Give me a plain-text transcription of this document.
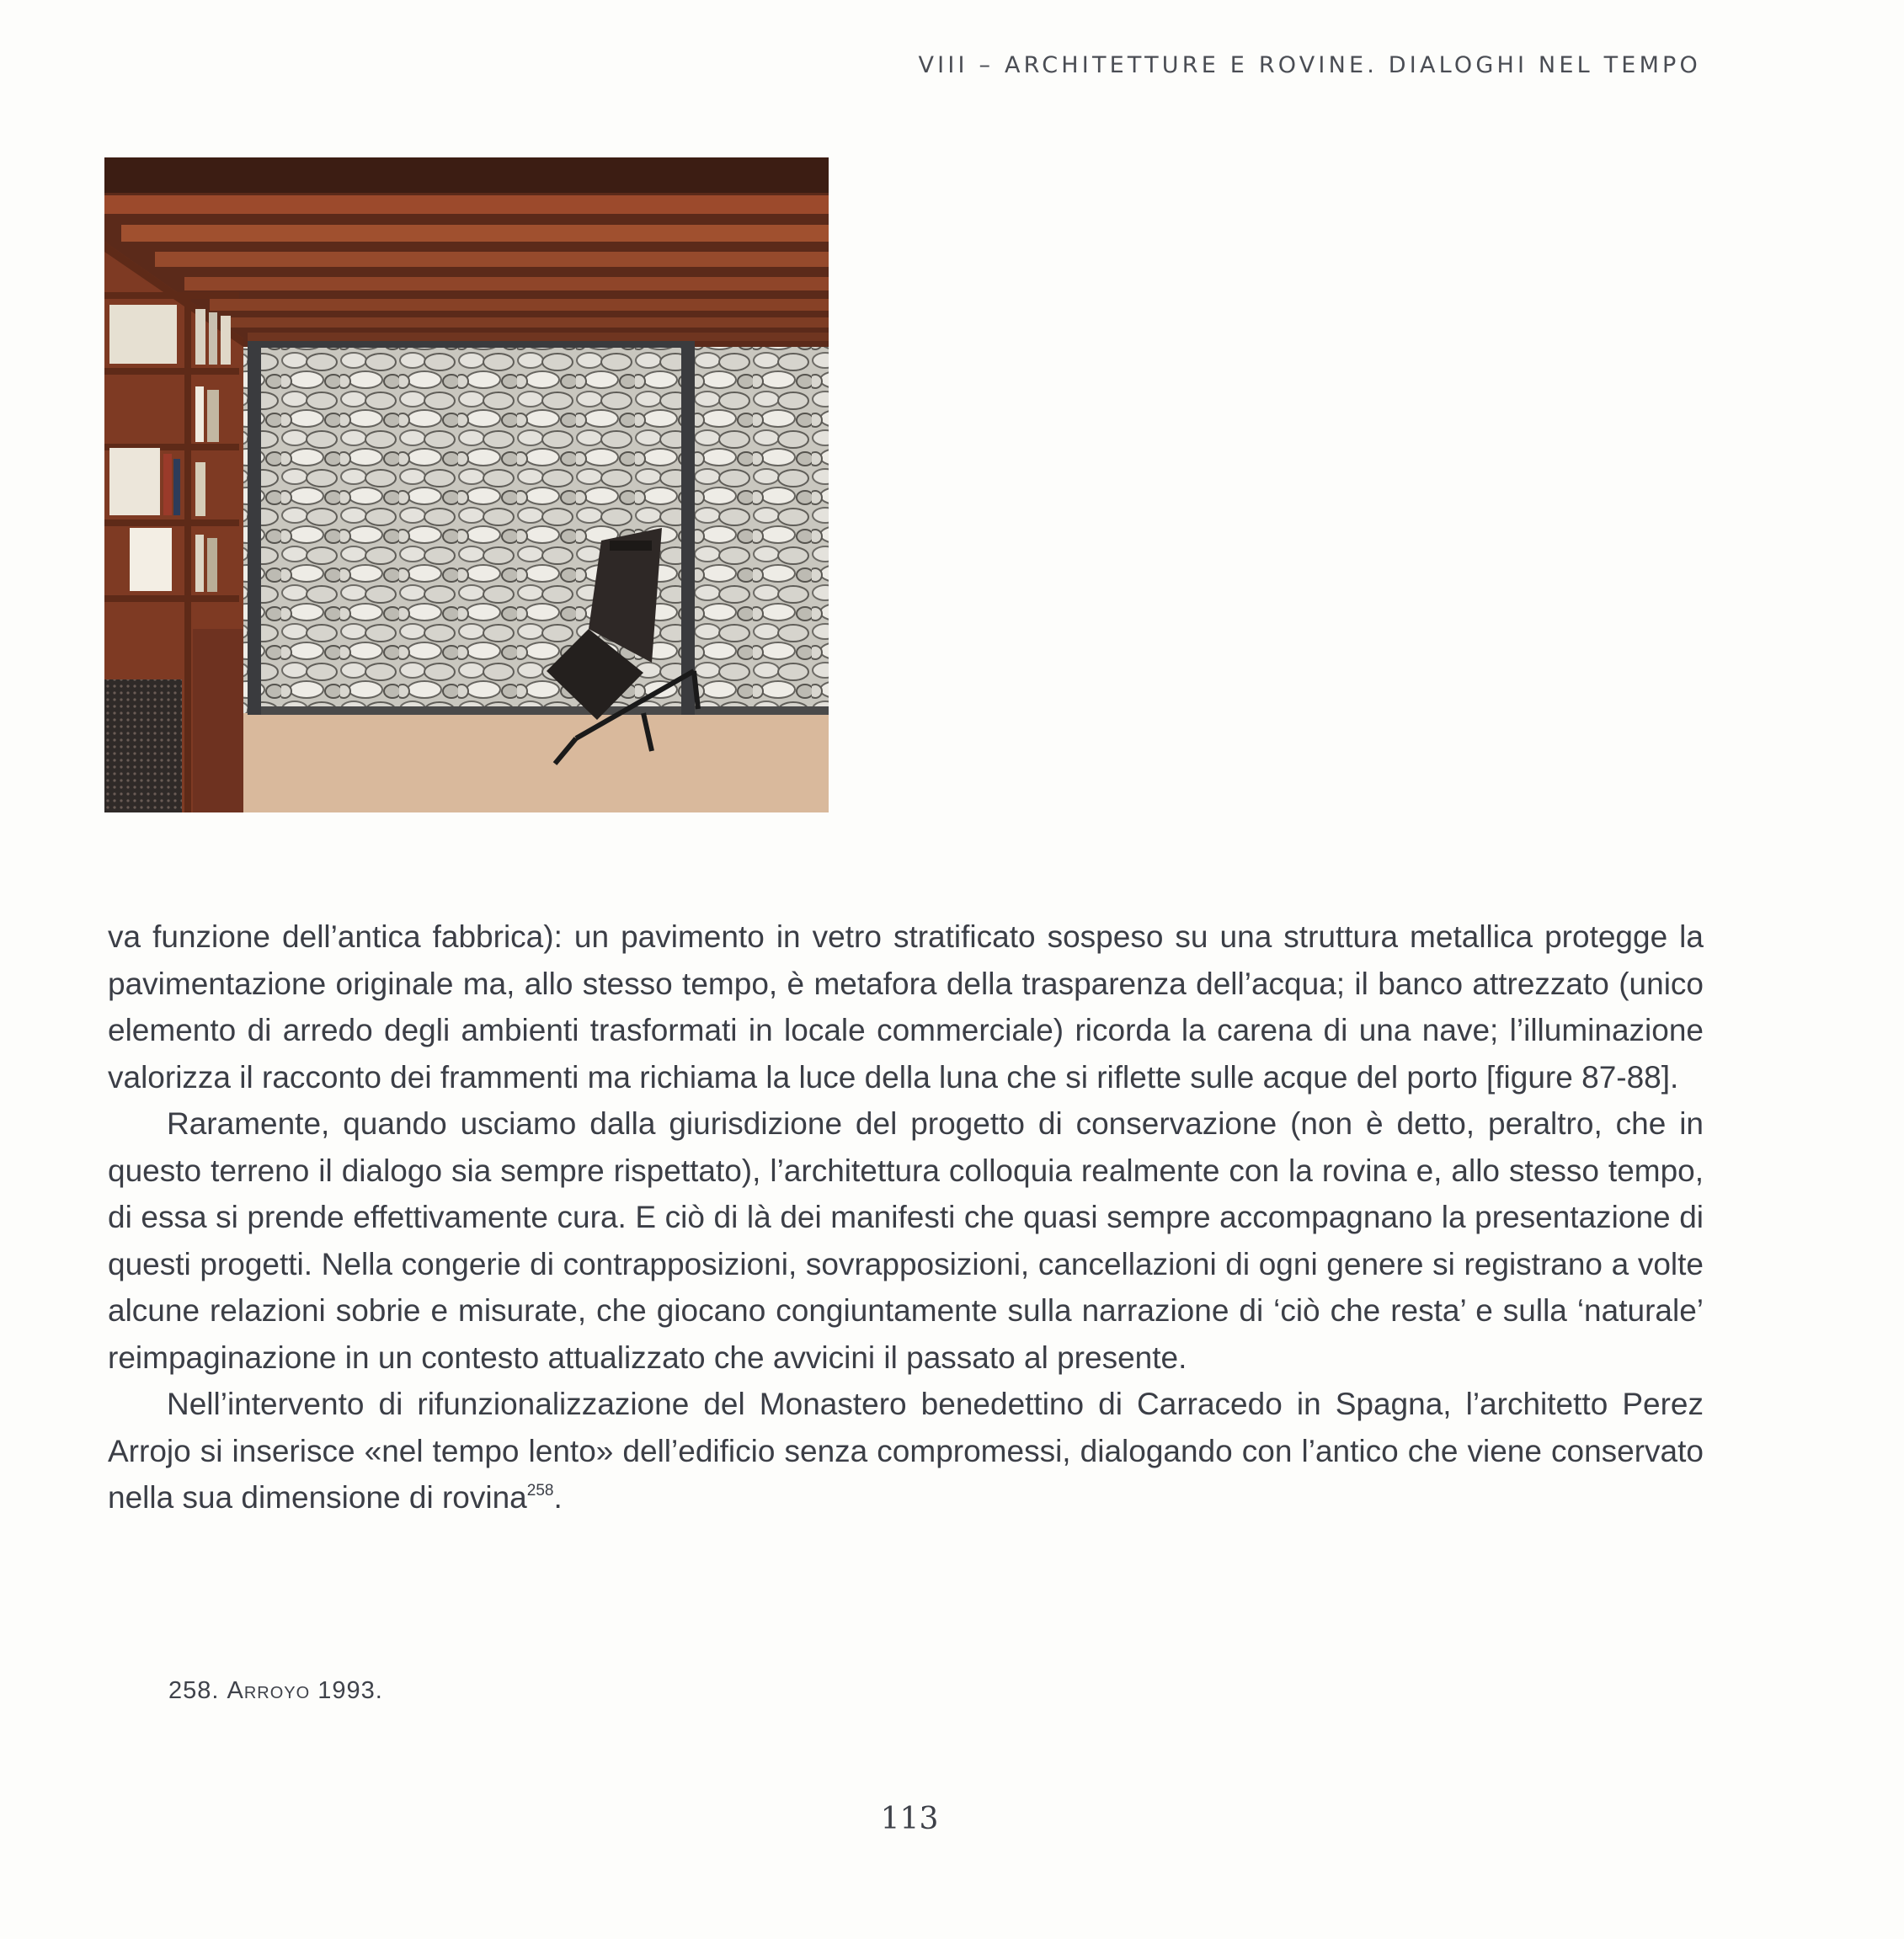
VIII – ARCHITETTURE E ROVINE. DIALOGHI NEL TEMPO

va funzione dell’antica fabbrica): un pavimento in vetro stratificato sospeso su una struttura metallica protegge la pavimentazione originale ma, allo stesso tempo, è metafora della trasparenza dell’acqua; il banco attrezzato (unico elemento di arredo degli ambienti trasformati in locale commerciale) ricorda la carena di una nave; l’illuminazione valorizza il racconto dei frammenti ma richiama la luce della luna che si riflette sulle acque del porto [figure 87-88].

Raramente, quando usciamo dalla giurisdizione del progetto di conservazione (non è detto, peraltro, che in questo terreno il dialogo sia sempre rispettato), l’architettura colloquia realmente con la rovina e, allo stesso tempo, di essa si prende effettivamente cura. E ciò di là dei manifesti che quasi sempre accompagnano la presentazione di questi progetti. Nella congerie di contrapposizioni, sovrapposizioni, cancellazioni di ogni genere si registrano a volte alcune relazioni sobrie e misurate, che giocano congiuntamente sulla narrazione di ‘ciò che resta’ e sulla ‘naturale’ reimpaginazione in un contesto attualizzato che avvicini il passato al presente.

Nell’intervento di rifunzionalizzazione del Monastero benedettino di Carracedo in Spagna, l’architetto Perez Arrojo si inserisce «nel tempo lento» dell’edificio senza compromessi, dialogando con l’antico che viene conservato nella sua dimensione di rovina$^{258}$.

258. Arroyo 1993.
113
